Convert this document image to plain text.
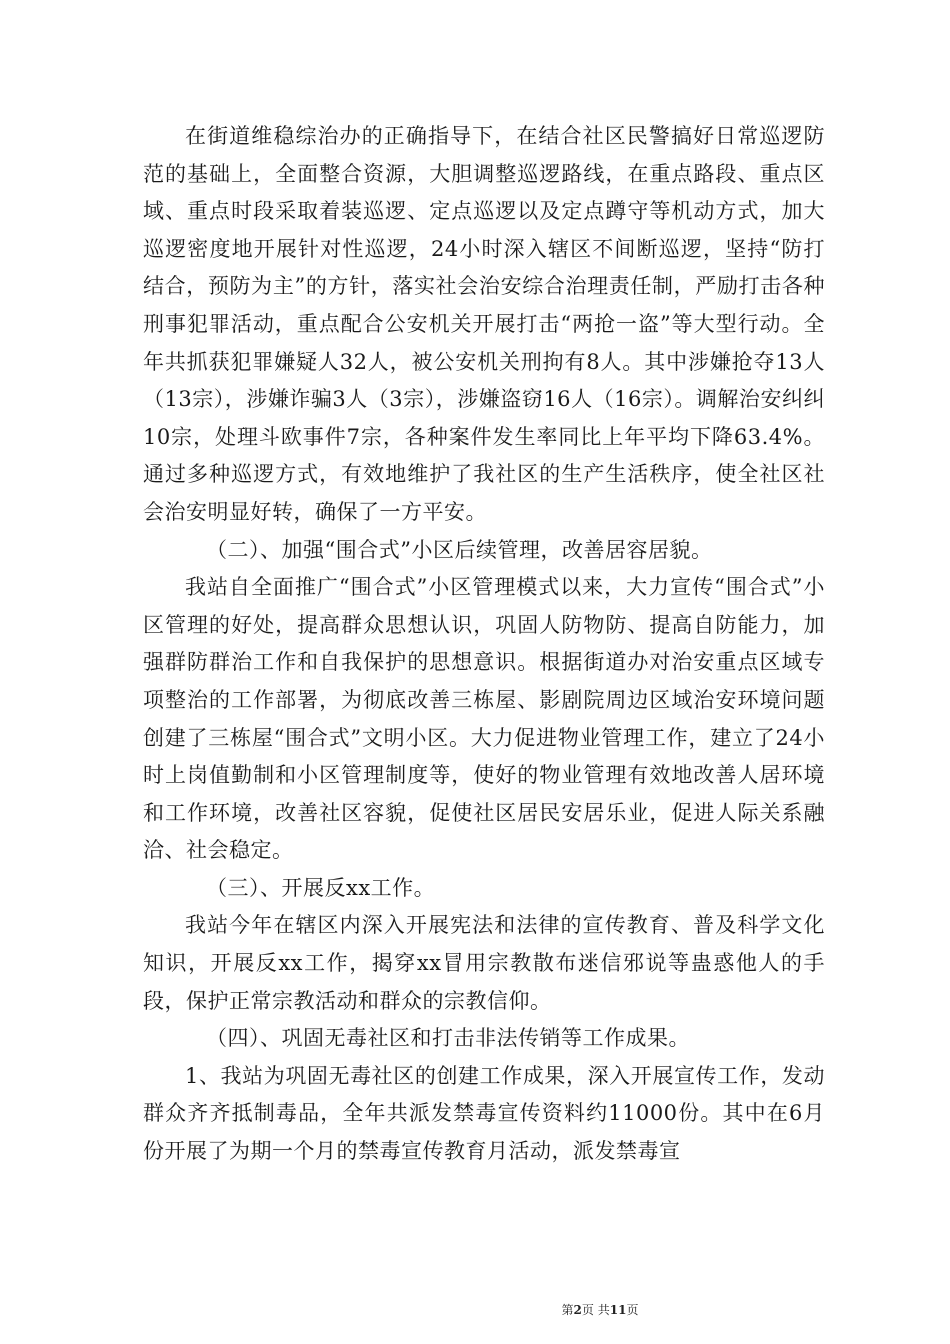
在街道维稳综治办的正确指导下，在结合社区民警搞好日常巡逻防范的基础上，全面整合资源，大胆调整巡逻路线，在重点路段、重点区域、重点时段采取着装巡逻、定点巡逻以及定点蹲守等机动方式，加大巡逻密度地开展针对性巡逻，24小时深入辖区不间断巡逻，坚持“防打结合，预防为主”的方针，落实社会治安综合治理责任制，严励打击各种刑事犯罪活动，重点配合公安机关开展打击“两抢一盗”等大型行动。全年共抓获犯罪嫌疑人32人，被公安机关刑拘有8人。其中涉嫌抢夺13人（13宗），涉嫌诈骗3人（3宗），涉嫌盗窃16人（16宗）。调解治安纠纠10宗，处理斗欧事件7宗，各种案件发生率同比上年平均下降63.4%。通过多种巡逻方式，有效地维护了我社区的生产生活秩序，使全社区社会治安明显好转，确保了一方平安。

（二）、加强“围合式”小区后续管理，改善居容居貌。

我站自全面推广“围合式”小区管理模式以来，大力宣传“围合式”小区管理的好处，提高群众思想认识，巩固人防物防、提高自防能力，加强群防群治工作和自我保护的思想意识。根据街道办对治安重点区域专项整治的工作部署，为彻底改善三栋屋、影剧院周边区域治安环境问题创建了三栋屋“围合式”文明小区。大力促进物业管理工作，建立了24小时上岗值勤制和小区管理制度等，使好的物业管理有效地改善人居环境和工作环境，改善社区容貌，促使社区居民安居乐业，促进人际关系融洽、社会稳定。

（三）、开展反xx工作。

我站今年在辖区内深入开展宪法和法律的宣传教育、普及科学文化知识，开展反xx工作，揭穿xx冒用宗教散布迷信邪说等蛊惑他人的手段，保护正常宗教活动和群众的宗教信仰。

（四）、巩固无毒社区和打击非法传销等工作成果。

1、我站为巩固无毒社区的创建工作成果，深入开展宣传工作，发动群众齐齐抵制毒品，全年共派发禁毒宣传资料约11000份。其中在6月份开展了为期一个月的禁毒宣传教育月活动，派发禁毒宣

第2页 共11页
